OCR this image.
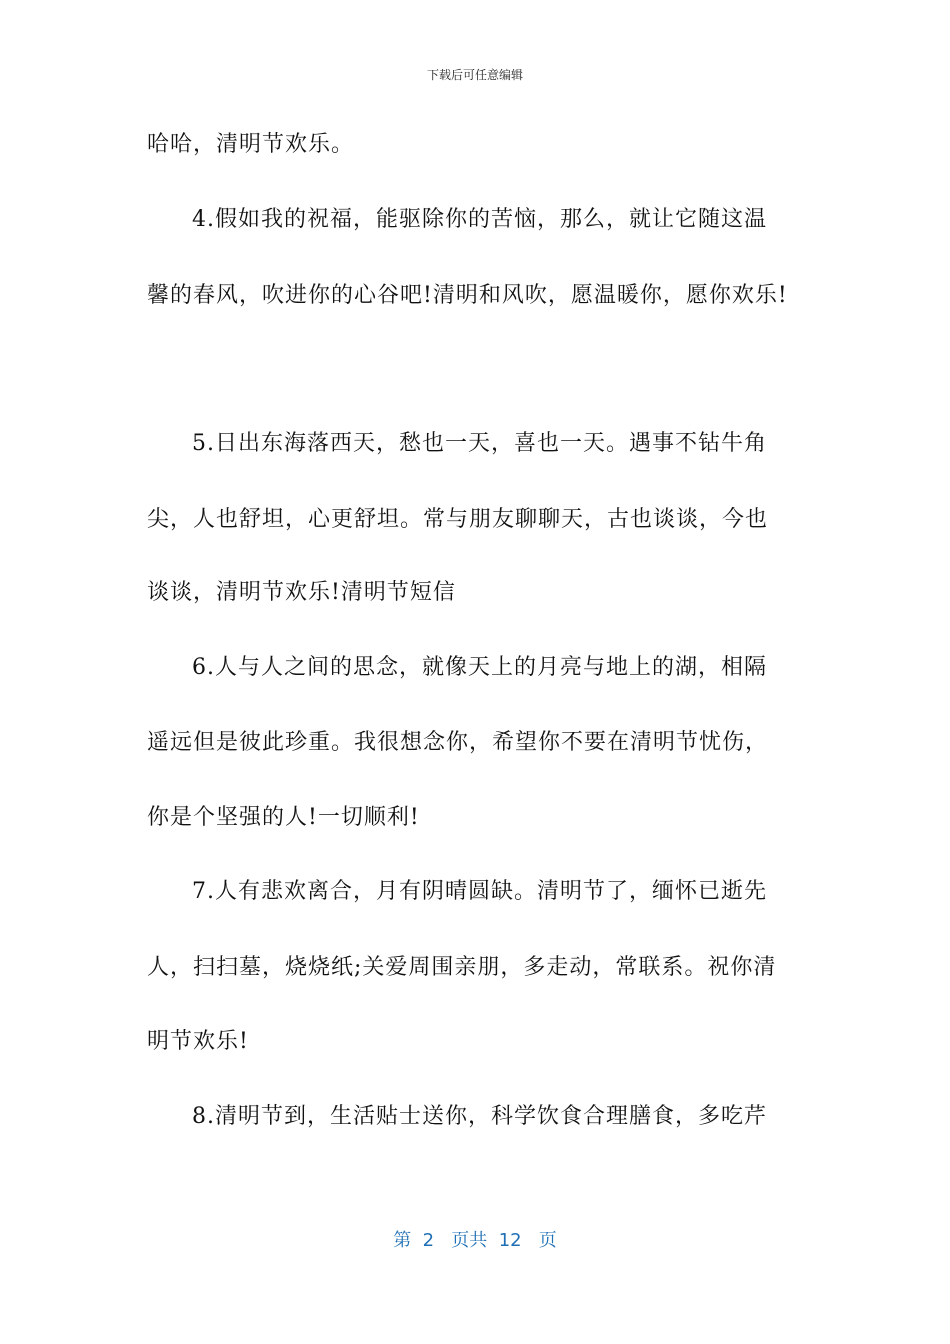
下载后可任意编辑
哈哈，清明节欢乐。
4.假如我的祝福，能驱除你的苦恼，那么，就让它随这温
馨的春风，吹进你的心谷吧!清明和风吹，愿温暖你，愿你欢乐!
5.日出东海落西天，愁也一天，喜也一天。遇事不钻牛角
尖，人也舒坦，心更舒坦。常与朋友聊聊天，古也谈谈，今也
谈谈，清明节欢乐!清明节短信
6.人与人之间的思念，就像天上的月亮与地上的湖，相隔
遥远但是彼此珍重。我很想念你，希望你不要在清明节忧伤，
你是个坚强的人!一切顺利!
7.人有悲欢离合，月有阴晴圆缺。清明节了，缅怀已逝先
人，扫扫墓，烧烧纸;关爱周围亲朋，多走动，常联系。祝你清
明节欢乐!
8.清明节到，生活贴士送你，科学饮食合理膳食，多吃芹
第  2   页共  12   页
